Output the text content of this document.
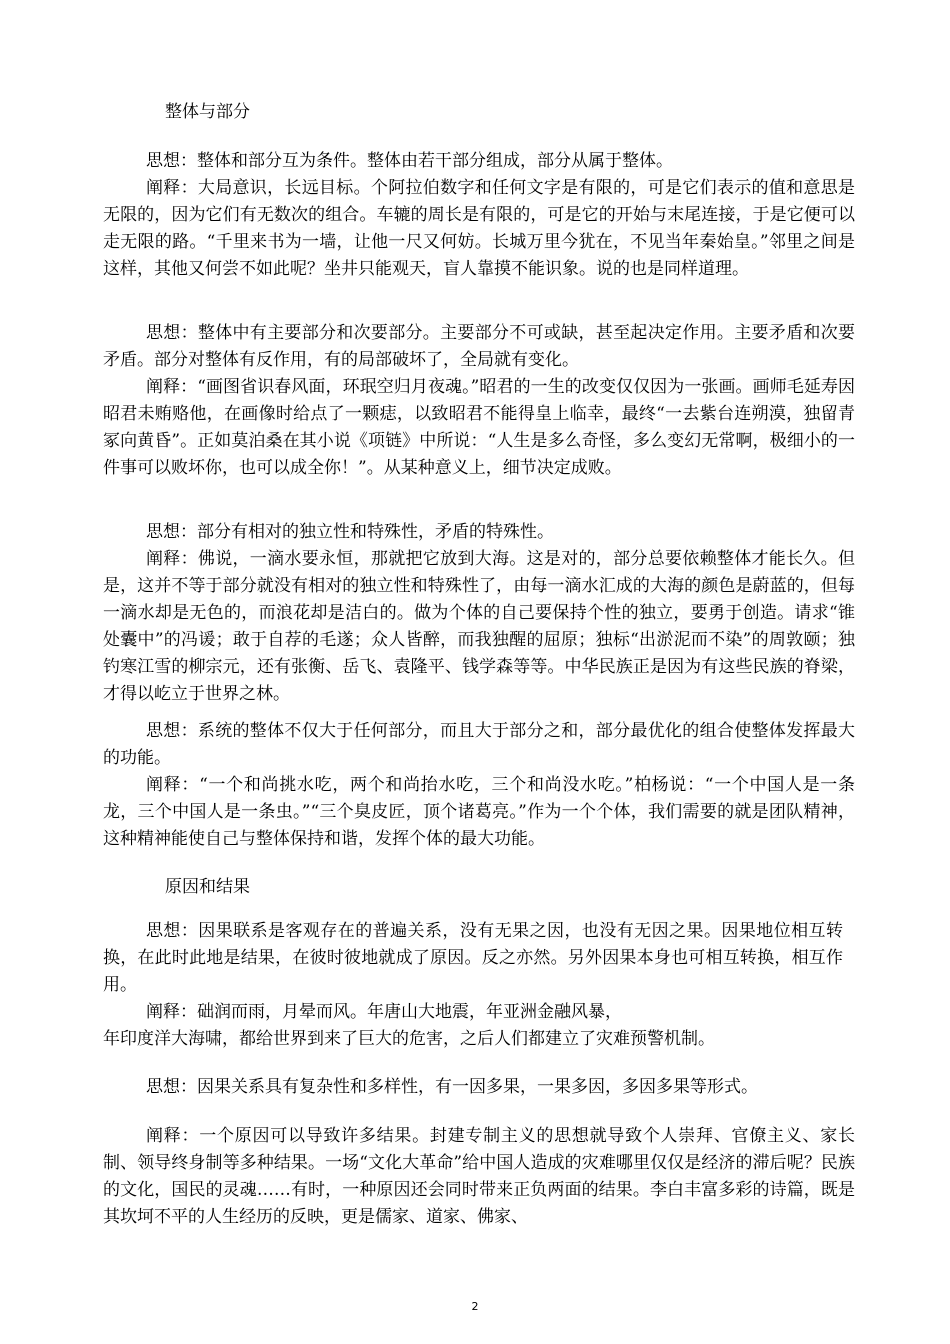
整体与部分
思想：整体和部分互为条件。整体由若干部分组成，部分从属于整体。
阐释：大局意识，长远目标。个阿拉伯数字和任何文字是有限的，可是它们表示的值和意思是无限的，因为它们有无数次的组合。车辘的周长是有限的，可是它的开始与末尾连接，于是它便可以走无限的路。“千里来书为一墙，让他一尺又何妨。长城万里今犹在，不见当年秦始皇。”邻里之间是这样，其他又何尝不如此呢？坐井只能观天，盲人靠摸不能识象。说的也是同样道理。
思想：整体中有主要部分和次要部分。主要部分不可或缺，甚至起决定作用。主要矛盾和次要矛盾。部分对整体有反作用，有的局部破坏了，全局就有变化。
阐释：“画图省识春风面，环珉空归月夜魂。”昭君的一生的改变仅仅因为一张画。画师毛延寿因昭君未贿赂他，在画像时给点了一颗痣，以致昭君不能得皇上临幸，最终“一去紫台连朔漠，独留青冢向黄昏”。正如莫泊桑在其小说《项链》中所说：“人生是多么奇怪，多么变幻无常啊，极细小的一件事可以败坏你，也可以成全你！”。从某种意义上，细节决定成败。
思想：部分有相对的独立性和特殊性，矛盾的特殊性。
阐释：佛说，一滴水要永恒，那就把它放到大海。这是对的，部分总要依赖整体才能长久。但是，这并不等于部分就没有相对的独立性和特殊性了，由每一滴水汇成的大海的颜色是蔚蓝的，但每一滴水却是无色的，而浪花却是洁白的。做为个体的自己要保持个性的独立，要勇于创造。请求“锥处囊中”的冯谖；敢于自荐的毛遂；众人皆醉，而我独醒的屈原；独标“出淤泥而不染”的周敦颐；独钓寒江雪的柳宗元，还有张衡、岳飞、袁隆平、钱学森等等。中华民族正是因为有这些民族的脊梁，才得以屹立于世界之林。
思想：系统的整体不仅大于任何部分，而且大于部分之和，部分最优化的组合使整体发挥最大的功能。
阐释：“一个和尚挑水吃，两个和尚抬水吃，三个和尚没水吃。”柏杨说：“一个中国人是一条龙，三个中国人是一条虫。”“三个臭皮匠，顶个诸葛亮。”作为一个个体，我们需要的就是团队精神，这种精神能使自己与整体保持和谐，发挥个体的最大功能。
原因和结果
思想：因果联系是客观存在的普遍关系，没有无果之因，也没有无因之果。因果地位相互转换，在此时此地是结果，在彼时彼地就成了原因。反之亦然。另外因果本身也可相互转换，相互作用。
阐释：础润而雨，月晕而风。年唐山大地震，年亚洲金融风暴，
年印度洋大海啸，都给世界到来了巨大的危害，之后人们都建立了灾难预警机制。
思想：因果关系具有复杂性和多样性，有一因多果，一果多因，多因多果等形式。
阐释：一个原因可以导致许多结果。封建专制主义的思想就导致个人崇拜、官僚主义、家长制、领导终身制等多种结果。一场“文化大革命”给中国人造成的灾难哪里仅仅是经济的滞后呢？民族的文化，国民的灵魂……有时，一种原因还会同时带来正负两面的结果。李白丰富多彩的诗篇，既是其坎坷不平的人生经历的反映，更是儒家、道家、佛家、
2
